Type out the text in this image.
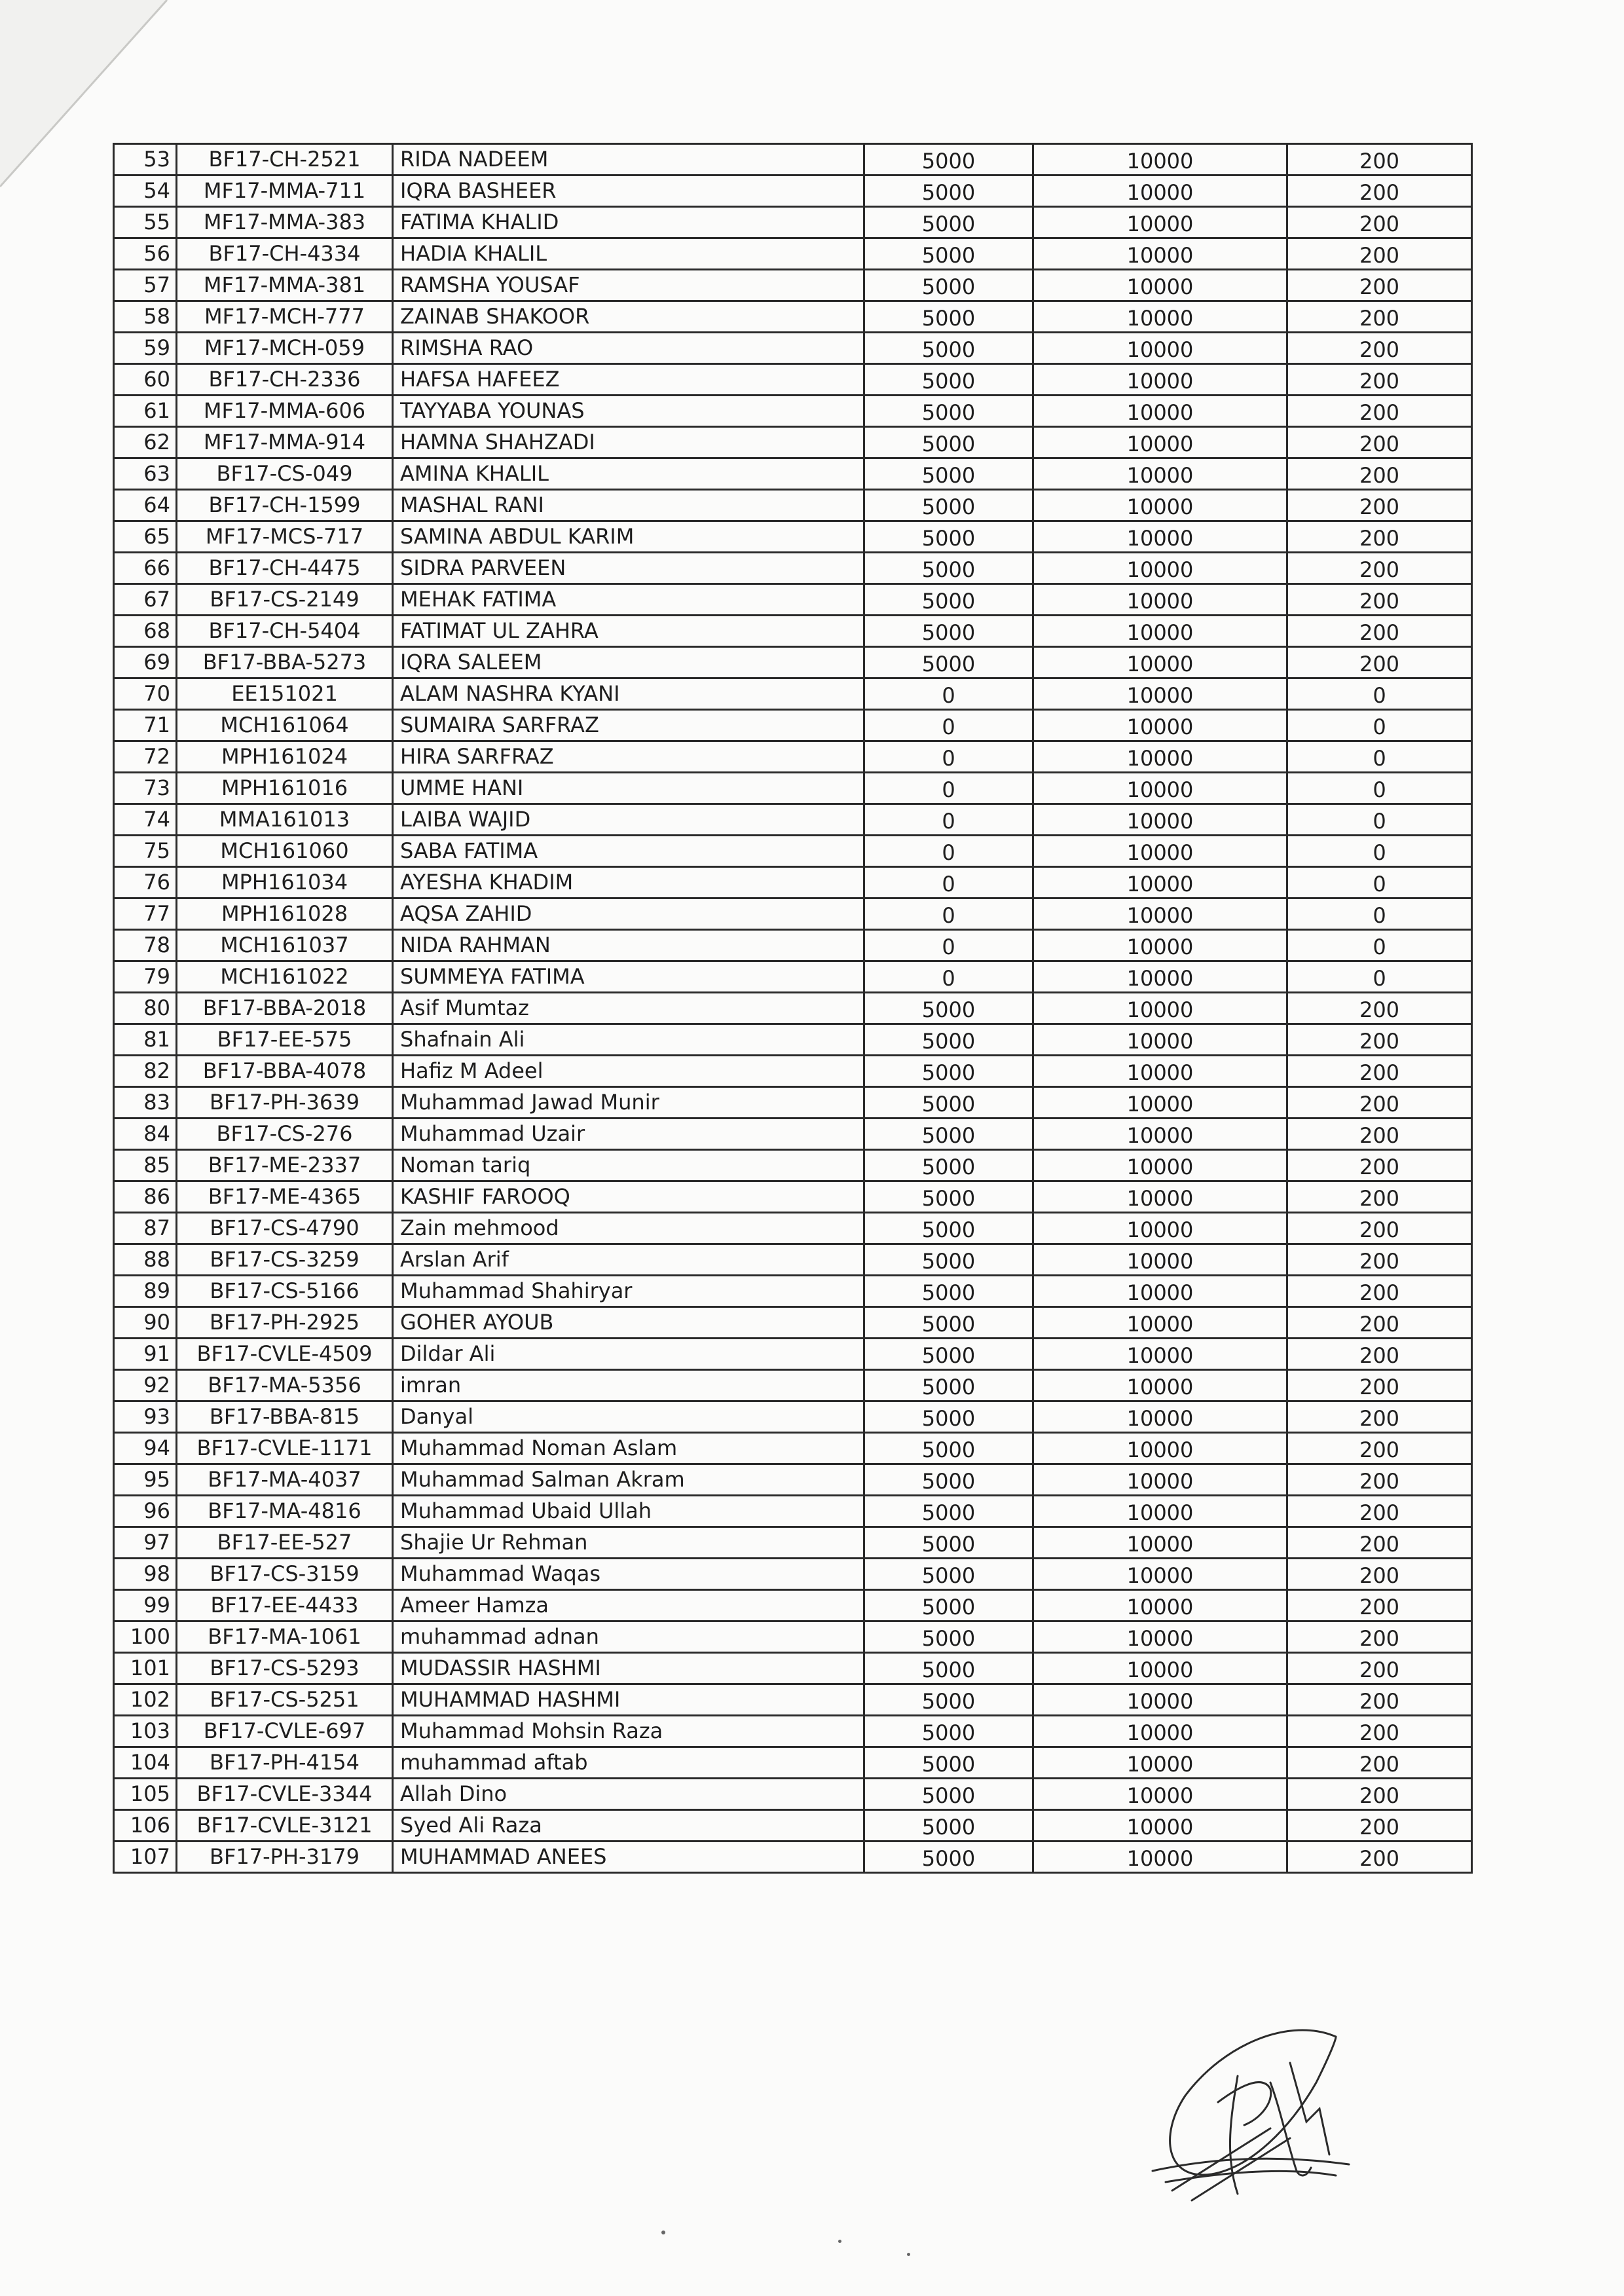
53	BF17-CH-2521	RIDA NADEEM	5000	10000	200
54	MF17-MMA-711	IQRA BASHEER	5000	10000	200
55	MF17-MMA-383	FATIMA KHALID	5000	10000	200
56	BF17-CH-4334	HADIA KHALIL	5000	10000	200
57	MF17-MMA-381	RAMSHA YOUSAF	5000	10000	200
58	MF17-MCH-777	ZAINAB SHAKOOR	5000	10000	200
59	MF17-MCH-059	RIMSHA RAO	5000	10000	200
60	BF17-CH-2336	HAFSA HAFEEZ	5000	10000	200
61	MF17-MMA-606	TAYYABA YOUNAS	5000	10000	200
62	MF17-MMA-914	HAMNA SHAHZADI	5000	10000	200
63	BF17-CS-049	AMINA KHALIL	5000	10000	200
64	BF17-CH-1599	MASHAL RANI	5000	10000	200
65	MF17-MCS-717	SAMINA ABDUL KARIM	5000	10000	200
66	BF17-CH-4475	SIDRA PARVEEN	5000	10000	200
67	BF17-CS-2149	MEHAK FATIMA	5000	10000	200
68	BF17-CH-5404	FATIMAT UL ZAHRA	5000	10000	200
69	BF17-BBA-5273	IQRA SALEEM	5000	10000	200
70	EE151021	ALAM NASHRA KYANI	0	10000	0
71	MCH161064	SUMAIRA SARFRAZ	0	10000	0
72	MPH161024	HIRA SARFRAZ	0	10000	0
73	MPH161016	UMME HANI	0	10000	0
74	MMA161013	LAIBA WAJID	0	10000	0
75	MCH161060	SABA FATIMA	0	10000	0
76	MPH161034	AYESHA KHADIM	0	10000	0
77	MPH161028	AQSA ZAHID	0	10000	0
78	MCH161037	NIDA RAHMAN	0	10000	0
79	MCH161022	SUMMEYA FATIMA	0	10000	0
80	BF17-BBA-2018	Asif Mumtaz	5000	10000	200
81	BF17-EE-575	Shafnain Ali	5000	10000	200
82	BF17-BBA-4078	Hafiz M Adeel	5000	10000	200
83	BF17-PH-3639	Muhammad Jawad Munir	5000	10000	200
84	BF17-CS-276	Muhammad Uzair	5000	10000	200
85	BF17-ME-2337	Noman tariq	5000	10000	200
86	BF17-ME-4365	KASHIF FAROOQ	5000	10000	200
87	BF17-CS-4790	Zain mehmood	5000	10000	200
88	BF17-CS-3259	Arslan Arif	5000	10000	200
89	BF17-CS-5166	Muhammad Shahiryar	5000	10000	200
90	BF17-PH-2925	GOHER AYOUB	5000	10000	200
91	BF17-CVLE-4509	Dildar Ali	5000	10000	200
92	BF17-MA-5356	imran	5000	10000	200
93	BF17-BBA-815	Danyal	5000	10000	200
94	BF17-CVLE-1171	Muhammad Noman Aslam	5000	10000	200
95	BF17-MA-4037	Muhammad Salman Akram	5000	10000	200
96	BF17-MA-4816	Muhammad Ubaid Ullah	5000	10000	200
97	BF17-EE-527	Shajie Ur Rehman	5000	10000	200
98	BF17-CS-3159	Muhammad Waqas	5000	10000	200
99	BF17-EE-4433	Ameer Hamza	5000	10000	200
100	BF17-MA-1061	muhammad adnan	5000	10000	200
101	BF17-CS-5293	MUDASSIR HASHMI	5000	10000	200
102	BF17-CS-5251	MUHAMMAD HASHMI	5000	10000	200
103	BF17-CVLE-697	Muhammad Mohsin Raza	5000	10000	200
104	BF17-PH-4154	muhammad aftab	5000	10000	200
105	BF17-CVLE-3344	Allah Dino	5000	10000	200
106	BF17-CVLE-3121	Syed Ali Raza	5000	10000	200
107	BF17-PH-3179	MUHAMMAD ANEES	5000	10000	200
